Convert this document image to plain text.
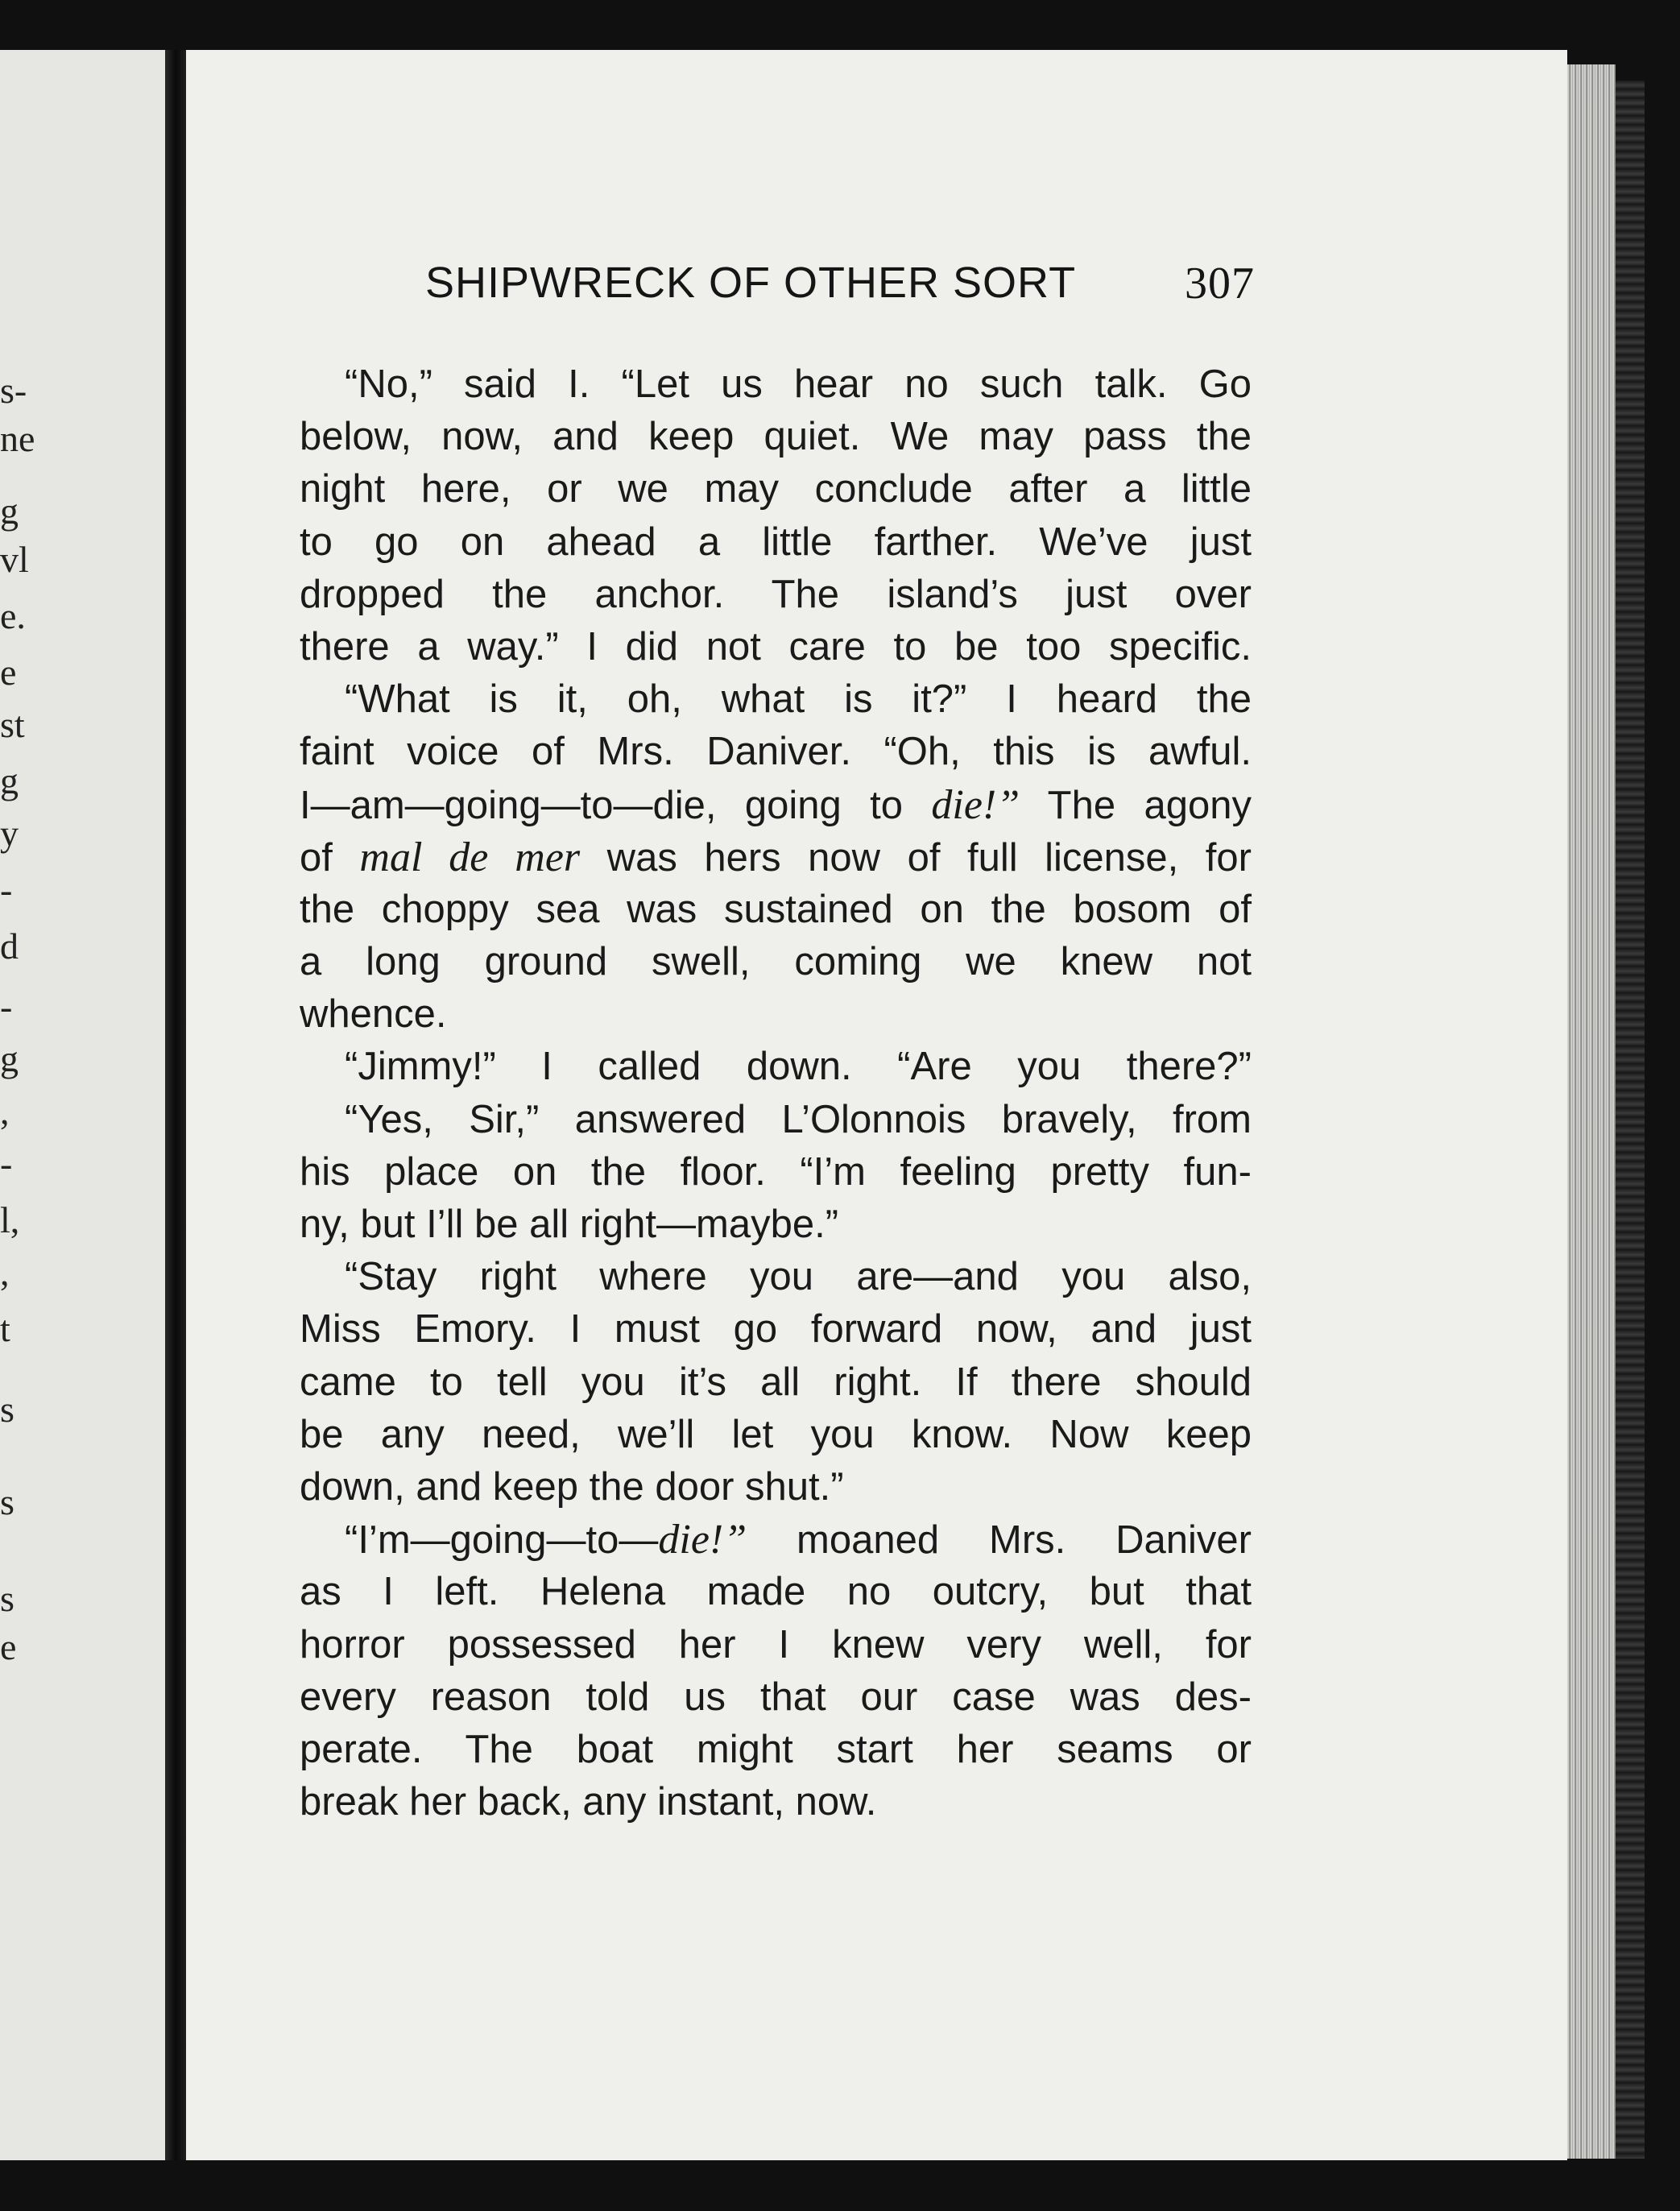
s-
ne
g
vl
e.
e
st
g
y
-
d
-
g
,
-
l,
,
t
s
s
s
e
SHIPWRECK OF OTHER SORT 307
“No,” said I. “Let us hear no such talk. Go
below, now, and keep quiet. We may pass the
night here, or we may conclude after a little
to go on ahead a little farther. We’ve just
dropped the anchor. The island’s just over
there a way.” I did not care to be too specific.
“What is it, oh, what is it?” I heard the
faint voice of Mrs. Daniver. “Oh, this is awful.
I—am—going—to—die, going to die!” The agony
of mal de mer was hers now of full license, for
the choppy sea was sustained on the bosom of
a long ground swell, coming we knew not
whence.
“Jimmy!” I called down. “Are you there?”
“Yes, Sir,” answered L’Olonnois bravely, from
his place on the floor. “I’m feeling pretty fun-
ny, but I’ll be all right—maybe.”
“Stay right where you are—and you also,
Miss Emory. I must go forward now, and just
came to tell you it’s all right. If there should
be any need, we’ll let you know. Now keep
down, and keep the door shut.”
“I’m—going—to—die!” moaned Mrs. Daniver
as I left. Helena made no outcry, but that
horror possessed her I knew very well, for
every reason told us that our case was des-
perate. The boat might start her seams or
break her back, any instant, now.
